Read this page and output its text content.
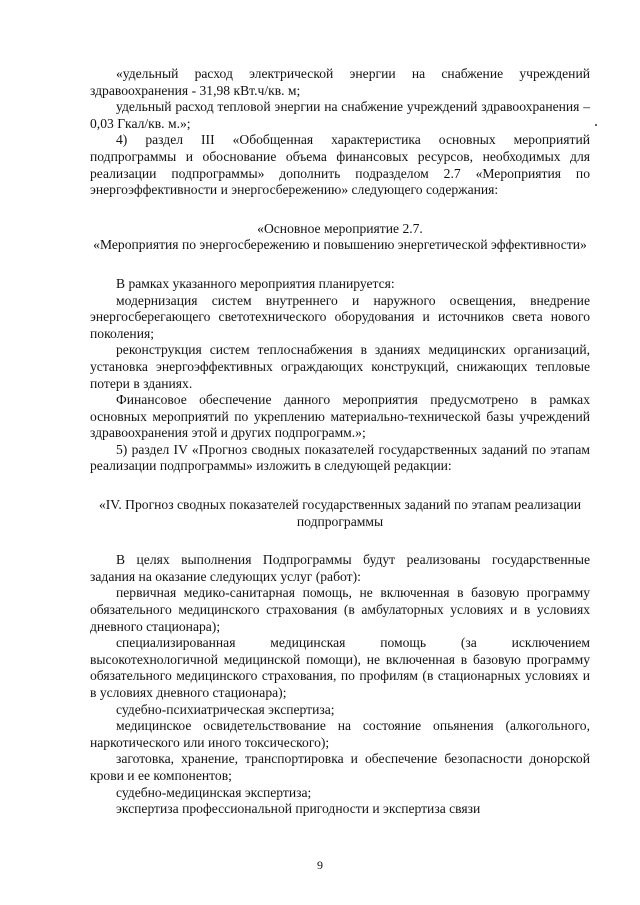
«удельный расход электрической энергии на снабжение учреждений здравоохранения - 31,98 кВт.ч/кв. м;

удельный расход тепловой энергии на снабжение учреждений здравоохранения – 0,03 Гкал/кв. м.»;

4) раздел III «Обобщенная характеристика основных мероприятий подпрограммы и обоснование объема финансовых ресурсов, необходимых для реализации подпрограммы» дополнить подразделом 2.7 «Мероприятия по энергоэффективности и энергосбережению» следующего содержания:

«Основное мероприятие 2.7.

«Мероприятия по энергосбережению и повышению энергетической эффективности»

В рамках указанного мероприятия планируется:

модернизация систем внутреннего и наружного освещения, внедрение энергосберегающего светотехнического оборудования и источников света нового поколения;

реконструкция систем теплоснабжения в зданиях медицинских организаций, установка энергоэффективных ограждающих конструкций, снижающих тепловые потери в зданиях.

Финансовое обеспечение данного мероприятия предусмотрено в рамках основных мероприятий по укреплению материально-технической базы учреждений здравоохранения этой и других подпрограмм.»;

5) раздел IV «Прогноз сводных показателей государственных заданий по этапам реализации подпрограммы» изложить в следующей редакции:

«IV. Прогноз сводных показателей государственных заданий по этапам реализации подпрограммы

В целях выполнения Подпрограммы будут реализованы государственные задания на оказание следующих услуг (работ):

первичная медико-санитарная помощь, не включенная в базовую программу обязательного медицинского страхования (в амбулаторных условиях и в условиях дневного стационара);

специализированная медицинская помощь (за исключением высокотехнологичной медицинской помощи), не включенная в базовую программу обязательного медицинского страхования, по профилям (в стационарных условиях и в условиях дневного стационара);

судебно-психиатрическая экспертиза;

медицинское освидетельствование на состояние опьянения (алкогольного, наркотического или иного токсического);

заготовка, хранение, транспортировка и обеспечение безопасности донорской крови и ее компонентов;

судебно-медицинская экспертиза;

экспертиза профессиональной пригодности и экспертиза связи

9
